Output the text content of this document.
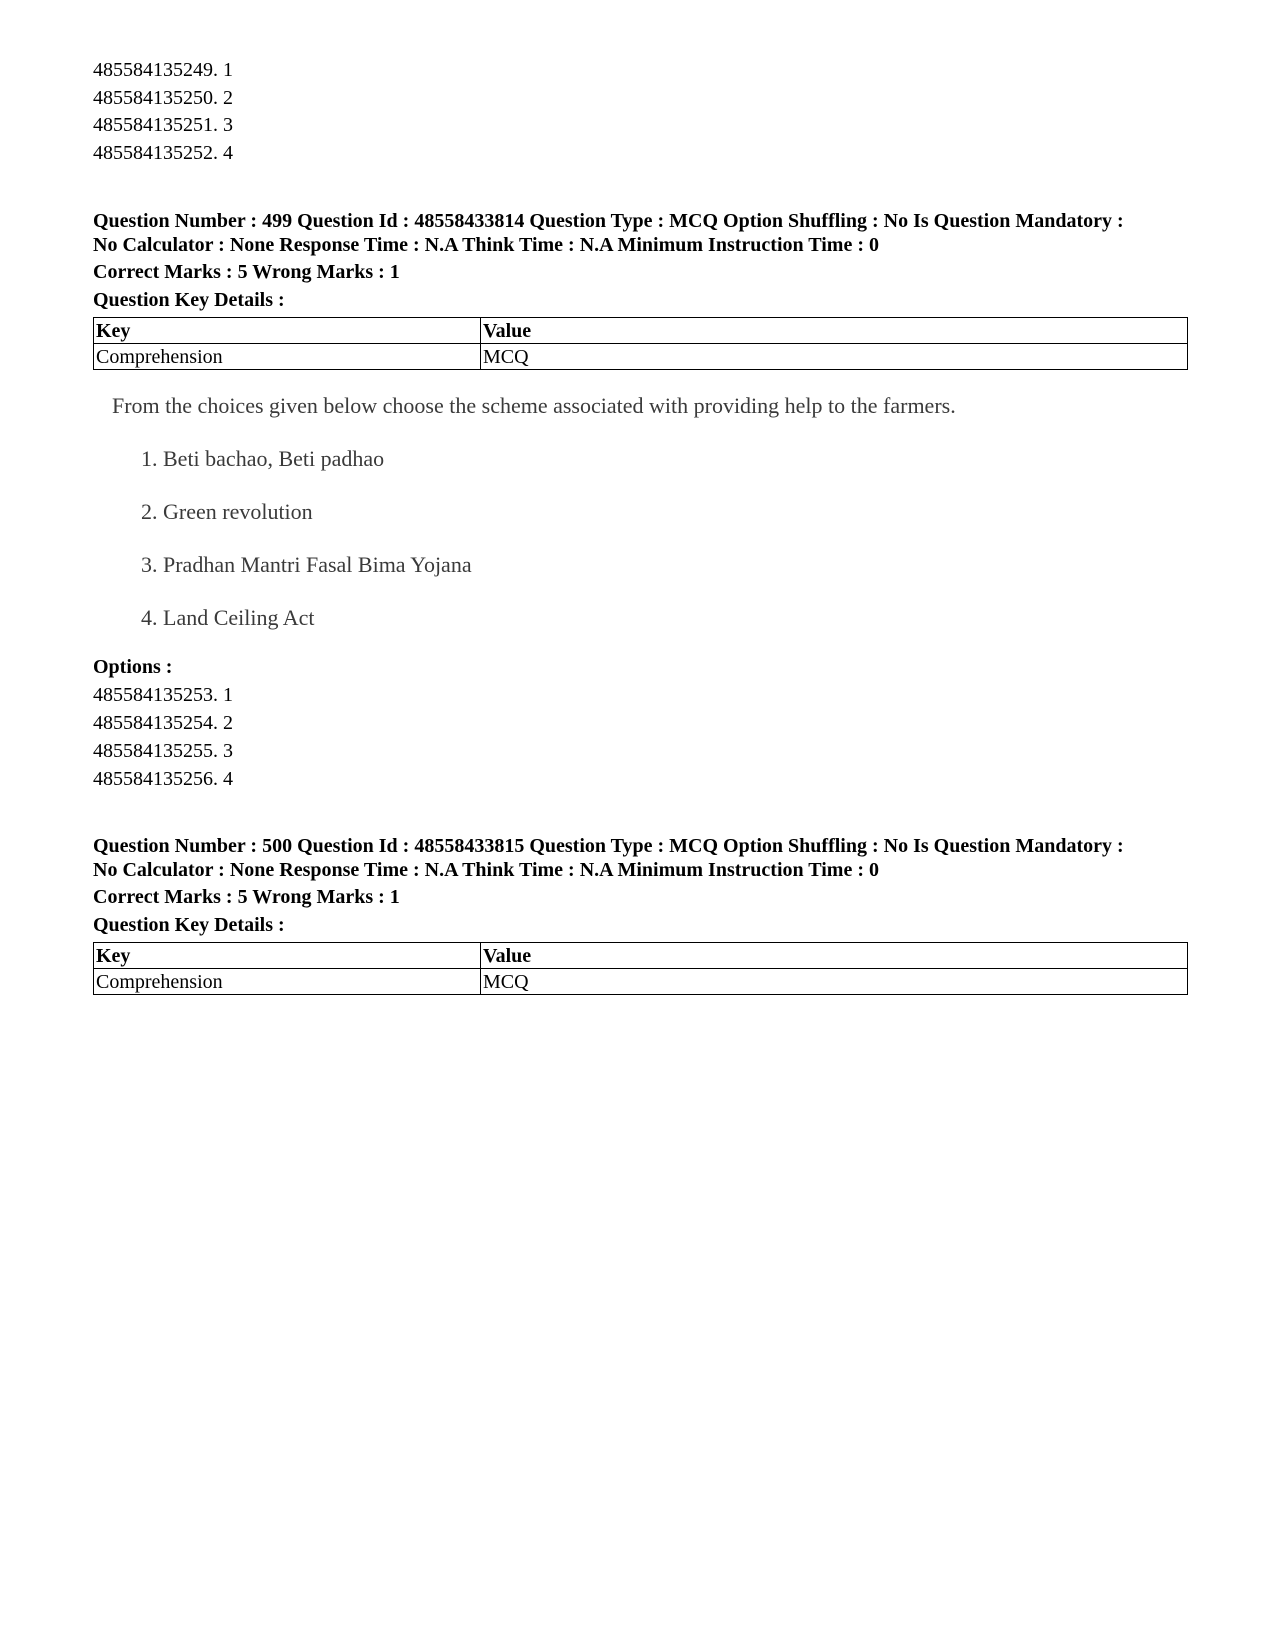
485584135249. 1
485584135250. 2
485584135251. 3
485584135252. 4
Question Number : 499 Question Id : 48558433814 Question Type : MCQ Option Shuffling : No Is Question Mandatory :
No Calculator : None Response Time : N.A Think Time : N.A Minimum Instruction Time : 0
Correct Marks : 5 Wrong Marks : 1
Question Key Details :
Key	Value
Comprehension	MCQ
From the choices given below choose the scheme associated with providing help to the farmers.
1. Beti bachao, Beti padhao
2. Green revolution
3. Pradhan Mantri Fasal Bima Yojana
4. Land Ceiling Act
Options :
485584135253. 1
485584135254. 2
485584135255. 3
485584135256. 4
Question Number : 500 Question Id : 48558433815 Question Type : MCQ Option Shuffling : No Is Question Mandatory :
No Calculator : None Response Time : N.A Think Time : N.A Minimum Instruction Time : 0
Correct Marks : 5 Wrong Marks : 1
Question Key Details :
Key	Value
Comprehension	MCQ
